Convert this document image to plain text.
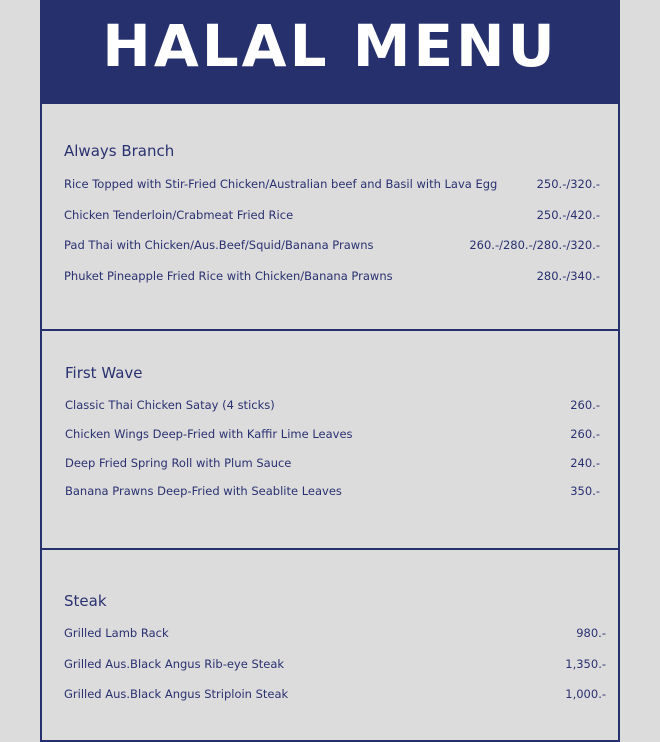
HALAL MENU
Always Branch
Rice Topped with Stir-Fried Chicken/Australian beef and Basil with Lava Egg	250.-/320.-
Chicken Tenderloin/Crabmeat Fried Rice	250.-/420.-
Pad Thai with Chicken/Aus.Beef/Squid/Banana Prawns	260.-/280.-/280.-/320.-
Phuket Pineapple Fried Rice with Chicken/Banana Prawns	280.-/340.-
First Wave
Classic Thai Chicken Satay (4 sticks)	260.-
Chicken Wings Deep-Fried with Kaffir Lime Leaves	260.-
Deep Fried Spring Roll with Plum Sauce	240.-
Banana Prawns Deep-Fried with Seablite Leaves	350.-
Steak
Grilled Lamb Rack	980.-
Grilled Aus.Black Angus Rib-eye Steak	1,350.-
Grilled Aus.Black Angus Striploin Steak	1,000.-
